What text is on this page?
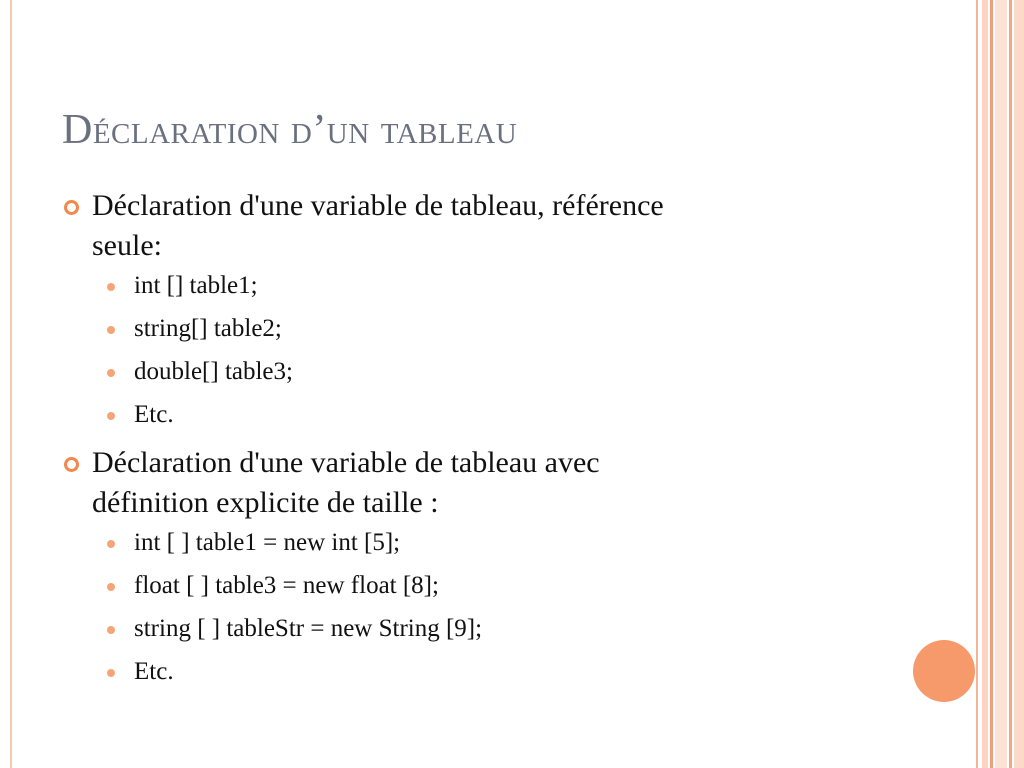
Déclaration d’un tableau
Déclaration d'une variable de tableau, référence
seule:
int [] table1;
string[] table2;
double[] table3;
Etc.
Déclaration d'une variable de tableau avec
définition explicite de taille :
int [ ] table1 = new int [5];
float [ ] table3 = new float [8];
string [ ] tableStr = new String [9];
Etc.
